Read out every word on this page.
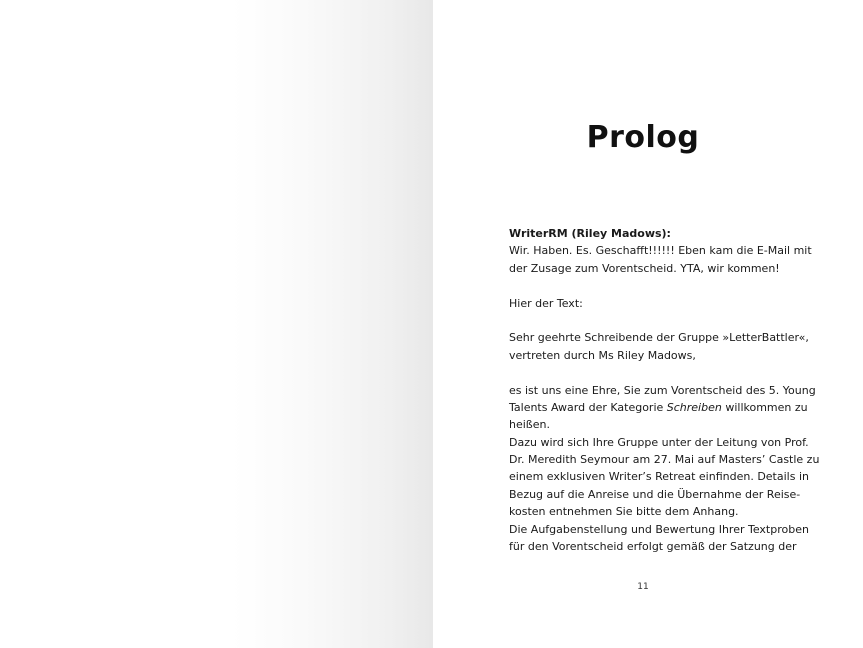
Prolog
WriterRM (Riley Madows):
Wir. Haben. Es. Geschafft!!!!!! Eben kam die E-Mail mit
der Zusage zum Vorentscheid. YTA, wir kommen!
Hier der Text:
Sehr geehrte Schreibende der Gruppe »LetterBattler«,
vertreten durch Ms Riley Madows,
es ist uns eine Ehre, Sie zum Vorentscheid des 5. Young
Talents Award der Kategorie Schreiben willkommen zu
heißen.
Dazu wird sich Ihre Gruppe unter der Leitung von Prof.
Dr. Meredith Seymour am 27. Mai auf Masters’ Castle zu
einem exklusiven Writer’s Retreat einfinden. Details in
Bezug auf die Anreise und die Übernahme der Reise-
kosten entnehmen Sie bitte dem Anhang.
Die Aufgabenstellung und Bewertung Ihrer Textproben
für den Vorentscheid erfolgt gemäß der Satzung der
11
